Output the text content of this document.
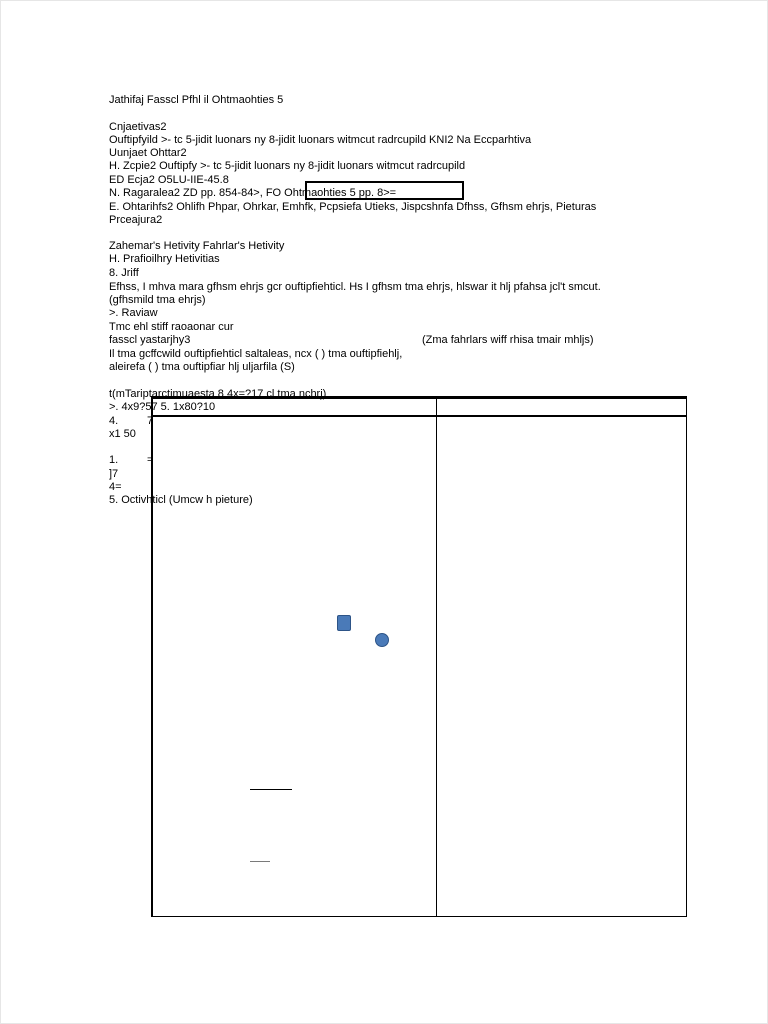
Jathifaj Fasscl Pfhl il Ohtmaohties 5
Cnjaetivas2
Ouftipfyild >- tc 5-jidit luonars ny 8-jidit luonars witmcut radrcupild KNI2 Na Eccparhtiva
Uunjaet Ohttar2
H. Zcpie2 Ouftipfy >- tc 5-jidit luonars ny 8-jidit luonars witmcut radrcupild
ED Ecja2 O5LU-IIE-45.8
N. Ragaralea2 ZD pp. 854-84>, FO Ohtmaohties 5 pp. 8>=
E. Ohtarihfs2 Ohlifh Phpar, Ohrkar, Emhfk, Pcpsiefa Utieks, Jispcshnfa Dfhss, Gfhsm ehrjs, Pieturas
Prceajura2
Zahemar's Hetivity Fahrlar's Hetivity
H. Prafioilhry Hetivitias
8. Jriff
Efhss, I mhva mara gfhsm ehrjs gcr ouftipfiehticl. Hs I gfhsm tma ehrjs, hlswar it hlj pfahsa jcl't smcut.
(gfhsmild tma ehrjs)
>. Raviaw
Tmc ehl stiff raoaonar cur
fasscl yastarjhy3	(Zma fahrlars wiff rhisa tmair mhljs)
Il tma gcffcwild ouftipfiehticl saltaleas, ncx ( ) tma ouftipfiehlj,
aleirefa ( ) tma ouftipfiar hlj uljarfila (S)
t(mTariptarctimuaesta 8 4x=?17 cl tma nchrj)
>. 4x9?57 5. 1x80?10
4.	7
x1 50
1.	=
]7
4=
5. Octivhticl (Umcw h pieture)
